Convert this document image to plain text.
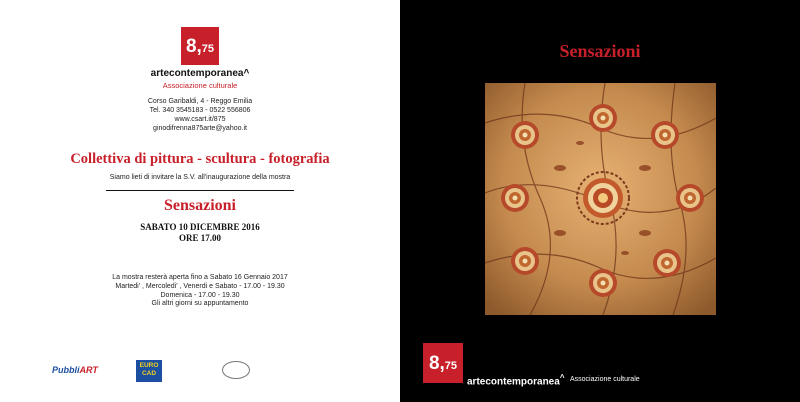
8, 75
artecontemporanea^
Associazione culturale
Corso Garibaldi, 4 - Reggo Emilia
Tel. 340 3545183 - 0522 556806
www.csart.it/875
ginodifrenna875arte@yahoo.it
Collettiva di pittura - scultura - fotografia
Siamo lieti di invitare la S.V. all'inaugurazione della mostra
Sensazioni
SABATO 10 DICEMBRE 2016
ORE 17.00
La mostra resterà aperta fino a Sabato 16 Gennaio 2017
Martedi' , Mercoledi' , Venerdi e Sabato - 17.00 - 19.30
Domenica - 17.00 - 19.30
Gli altri giorni su appuntamento
PubbliART	EURO
CAD
Sensazioni
8, 75
artecontemporanea^ Associazione culturale
